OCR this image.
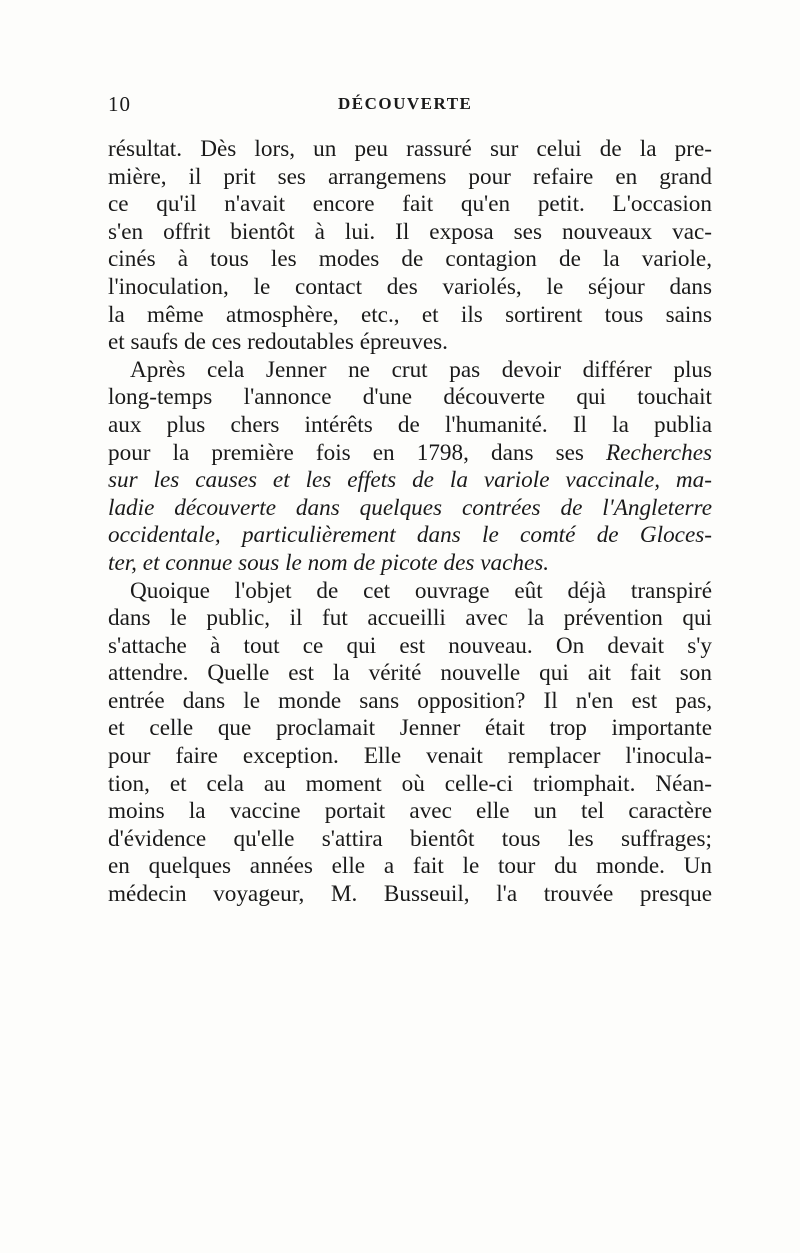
10	DÉCOUVERTE
résultat. Dès lors, un peu rassuré sur celui de la pre-
mière, il prit ses arrangemens pour refaire en grand
ce qu'il n'avait encore fait qu'en petit. L'occasion
s'en offrit bientôt à lui. Il exposa ses nouveaux vac-
cinés à tous les modes de contagion de la variole,
l'inoculation, le contact des variolés, le séjour dans
la même atmosphère, etc., et ils sortirent tous sains
et saufs de ces redoutables épreuves.
Après cela Jenner ne crut pas devoir différer plus
long-temps l'annonce d'une découverte qui touchait
aux plus chers intérêts de l'humanité. Il la publia
pour la première fois en 1798, dans ses Recherches
sur les causes et les effets de la variole vaccinale, ma-
ladie découverte dans quelques contrées de l'Angleterre
occidentale, particulièrement dans le comté de Gloces-
ter, et connue sous le nom de picote des vaches.
Quoique l'objet de cet ouvrage eût déjà transpiré
dans le public, il fut accueilli avec la prévention qui
s'attache à tout ce qui est nouveau. On devait s'y
attendre. Quelle est la vérité nouvelle qui ait fait son
entrée dans le monde sans opposition? Il n'en est pas,
et celle que proclamait Jenner était trop importante
pour faire exception. Elle venait remplacer l'inocula-
tion, et cela au moment où celle-ci triomphait. Néan-
moins la vaccine portait avec elle un tel caractère
d'évidence qu'elle s'attira bientôt tous les suffrages;
en quelques années elle a fait le tour du monde. Un
médecin voyageur, M. Busseuil, l'a trouvée presque
